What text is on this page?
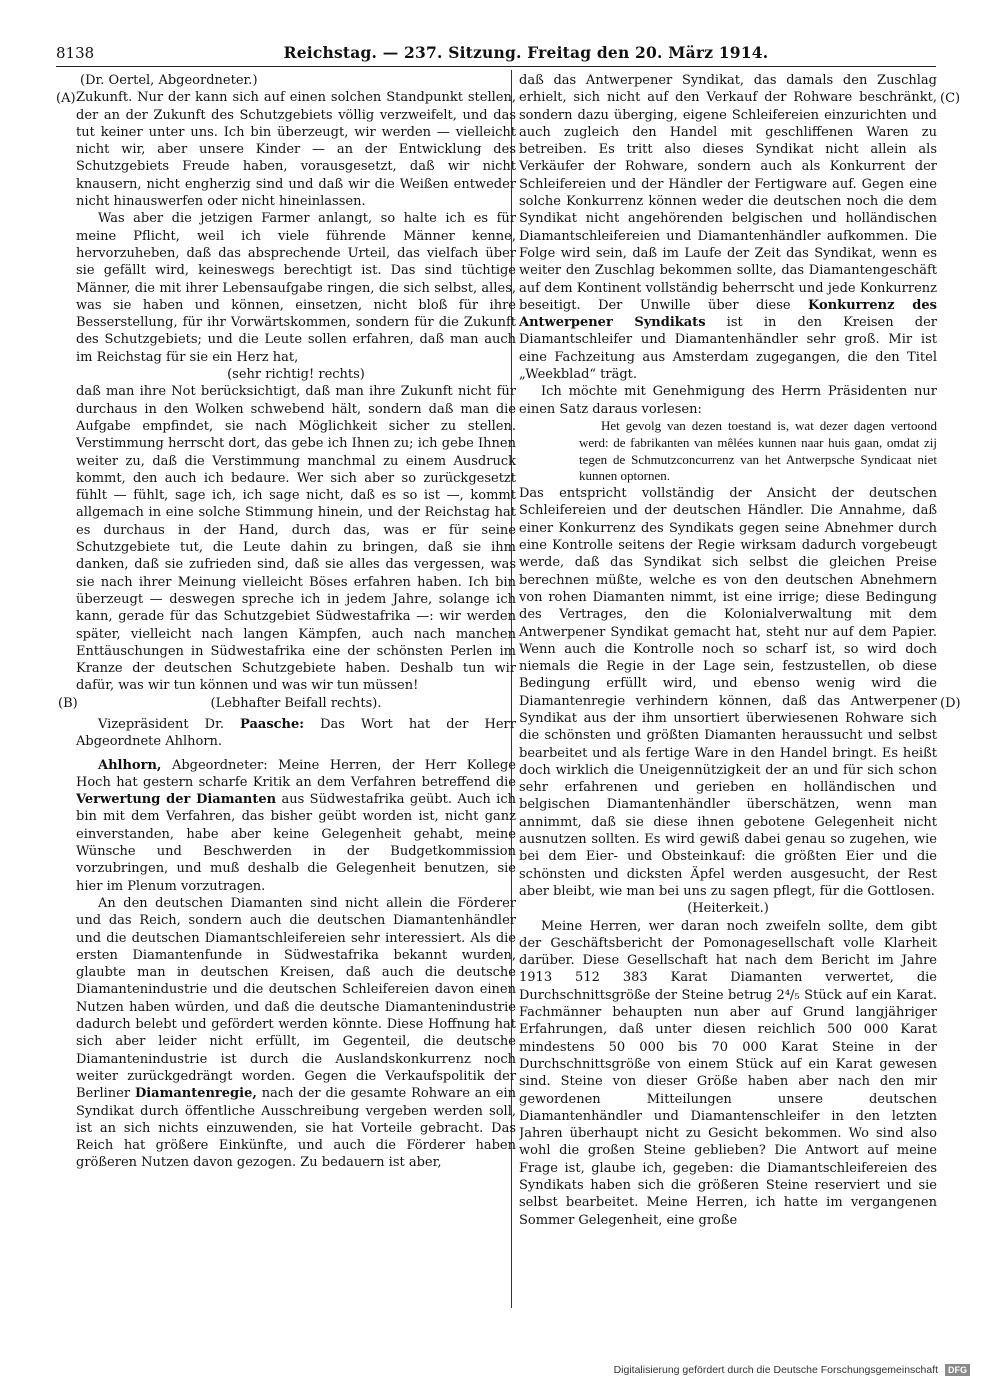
8138	Reichstag. — 237. Sitzung. Freitag den 20. März 1914.
(A)
(B)
(C)
(D)

(Dr. Oertel, Abgeordneter.)

Zukunft. Nur der kann sich auf einen solchen Standpunkt stellen, der an der Zukunft des Schutzgebiets völlig verzweifelt, und das tut keiner unter uns. Ich bin überzeugt, wir werden — vielleicht nicht wir, aber unsere Kinder — an der Entwicklung des Schutzgebiets Freude haben, vorausgesetzt, daß wir nicht knausern, nicht engherzig sind und daß wir die Weißen entweder nicht hinauswerfen oder nicht hineinlassen.

Was aber die jetzigen Farmer anlangt, so halte ich es für meine Pflicht, weil ich viele führende Männer kenne, hervorzuheben, daß das absprechende Urteil, das vielfach über sie gefällt wird, keineswegs berechtigt ist. Das sind tüchtige Männer, die mit ihrer Lebensaufgabe ringen, die sich selbst, alles, was sie haben und können, einsetzen, nicht bloß für ihre Besserstellung, für ihr Vorwärtskommen, sondern für die Zukunft des Schutzgebiets; und die Leute sollen erfahren, daß man auch im Reichstag für sie ein Herz hat,

(sehr richtig! rechts)

daß man ihre Not berücksichtigt, daß man ihre Zukunft nicht für durchaus in den Wolken schwebend hält, sondern daß man die Aufgabe empfindet, sie nach Möglichkeit sicher zu stellen. Verstimmung herrscht dort, das gebe ich Ihnen zu; ich gebe Ihnen weiter zu, daß die Verstimmung manchmal zu einem Ausdruck kommt, den auch ich bedaure. Wer sich aber so zurückgesetzt fühlt — fühlt, sage ich, ich sage nicht, daß es so ist —, kommt allgemach in eine solche Stimmung hinein, und der Reichstag hat es durchaus in der Hand, durch das, was er für seine Schutzgebiete tut, die Leute dahin zu bringen, daß sie ihm danken, daß sie zufrieden sind, daß sie alles das vergessen, was sie nach ihrer Meinung vielleicht Böses erfahren haben. Ich bin überzeugt — deswegen spreche ich in jedem Jahre, solange ich kann, gerade für das Schutzgebiet Südwestafrika —: wir werden später, vielleicht nach langen Kämpfen, auch nach manchen Enttäuschungen in Südwestafrika eine der schönsten Perlen im Kranze der deutschen Schutzgebiete haben. Deshalb tun wir dafür, was wir tun können und was wir tun müssen!

(Lebhafter Beifall rechts).

Vizepräsident Dr. Paasche: Das Wort hat der Herr Abgeordnete Ahlhorn.

Ahlhorn, Abgeordneter: Meine Herren, der Herr Kollege Hoch hat gestern scharfe Kritik an dem Verfahren betreffend die Verwertung der Diamanten aus Südwestafrika geübt. Auch ich bin mit dem Verfahren, das bisher geübt worden ist, nicht ganz einverstanden, habe aber keine Gelegenheit gehabt, meine Wünsche und Beschwerden in der Budgetkommission vorzubringen, und muß deshalb die Gelegenheit benutzen, sie hier im Plenum vorzutragen.

An den deutschen Diamanten sind nicht allein die Förderer und das Reich, sondern auch die deutschen Diamantenhändler und die deutschen Diamantschleifereien sehr interessiert. Als die ersten Diamantenfunde in Südwestafrika bekannt wurden, glaubte man in deutschen Kreisen, daß auch die deutsche Diamantenindustrie und die deutschen Schleifereien davon einen Nutzen haben würden, und daß die deutsche Diamantenindustrie dadurch belebt und gefördert werden könnte. Diese Hoffnung hat sich aber leider nicht erfüllt, im Gegenteil, die deutsche Diamantenindustrie ist durch die Auslandskonkurrenz noch weiter zurückgedrängt worden. Gegen die Verkaufspolitik der Berliner Diamantenregie, nach der die gesamte Rohware an ein Syndikat durch öffentliche Ausschreibung vergeben werden soll, ist an sich nichts einzuwenden, sie hat Vorteile gebracht. Das Reich hat größere Einkünfte, und auch die Förderer haben größeren Nutzen davon gezogen. Zu bedauern ist aber,

daß das Antwerpener Syndikat, das damals den Zuschlag erhielt, sich nicht auf den Verkauf der Rohware beschränkt, sondern dazu überging, eigene Schleifereien einzurichten und auch zugleich den Handel mit geschliffenen Waren zu betreiben. Es tritt also dieses Syndikat nicht allein als Verkäufer der Rohware, sondern auch als Konkurrent der Schleifereien und der Händler der Fertigware auf. Gegen eine solche Konkurrenz können weder die deutschen noch die dem Syndikat nicht angehörenden belgischen und holländischen Diamantschleifereien und Diamantenhändler aufkommen. Die Folge wird sein, daß im Laufe der Zeit das Syndikat, wenn es weiter den Zuschlag bekommen sollte, das Diamantengeschäft auf dem Kontinent vollständig beherrscht und jede Konkurrenz beseitigt. Der Unwille über diese Konkurrenz des Antwerpener Syndikats ist in den Kreisen der Diamantschleifer und Diamantenhändler sehr groß. Mir ist eine Fachzeitung aus Amsterdam zugegangen, die den Titel „Weekblad“ trägt.

Ich möchte mit Genehmigung des Herrn Präsidenten nur einen Satz daraus vorlesen:

Het gevolg van dezen toestand is, wat dezer dagen vertoond werd: de fabrikanten van mêlées kunnen naar huis gaan, omdat zij tegen de Schmutzconcurrenz van het Antwerpsche Syndicaat niet kunnen optornen.

Das entspricht vollständig der Ansicht der deutschen Schleifereien und der deutschen Händler. Die Annahme, daß einer Konkurrenz des Syndikats gegen seine Abnehmer durch eine Kontrolle seitens der Regie wirksam dadurch vorgebeugt werde, daß das Syndikat sich selbst die gleichen Preise berechnen müßte, welche es von den deutschen Abnehmern von rohen Diamanten nimmt, ist eine irrige; diese Bedingung des Vertrages, den die Kolonialverwaltung mit dem Antwerpener Syndikat gemacht hat, steht nur auf dem Papier. Wenn auch die Kontrolle noch so scharf ist, so wird doch niemals die Regie in der Lage sein, festzustellen, ob diese Bedingung erfüllt wird, und ebenso wenig wird die Diamantenregie verhindern können, daß das Antwerpener Syndikat aus der ihm unsortiert überwiesenen Rohware sich die schönsten und größten Diamanten heraussucht und selbst bearbeitet und als fertige Ware in den Handel bringt. Es heißt doch wirklich die Uneigennützigkeit der an und für sich schon sehr erfahrenen und gerieben en holländischen und belgischen Diamantenhändler überschätzen, wenn man annimmt, daß sie diese ihnen gebotene Gelegenheit nicht ausnutzen sollten. Es wird gewiß dabei genau so zugehen, wie bei dem Eier- und Obsteinkauf: die größten Eier und die schönsten und dicksten Äpfel werden ausgesucht, der Rest aber bleibt, wie man bei uns zu sagen pflegt, für die Gottlosen.

(Heiterkeit.)

Meine Herren, wer daran noch zweifeln sollte, dem gibt der Geschäftsbericht der Pomonagesellschaft volle Klarheit darüber. Diese Gesellschaft hat nach dem Bericht im Jahre 1913 512 383 Karat Diamanten verwertet, die Durchschnittsgröße der Steine betrug 2⁴/₅ Stück auf ein Karat. Fachmänner behaupten nun aber auf Grund langjähriger Erfahrungen, daß unter diesen reichlich 500 000 Karat mindestens 50 000 bis 70 000 Karat Steine in der Durchschnittsgröße von einem Stück auf ein Karat gewesen sind. Steine von dieser Größe haben aber nach den mir gewordenen Mitteilungen unsere deutschen Diamantenhändler und Diamantenschleifer in den letzten Jahren überhaupt nicht zu Gesicht bekommen. Wo sind also wohl die großen Steine geblieben? Die Antwort auf meine Frage ist, glaube ich, gegeben: die Diamantschleifereien des Syndikats haben sich die größeren Steine reserviert und sie selbst bearbeitet. Meine Herren, ich hatte im vergangenen Sommer Gelegenheit, eine große

Digitalisierung gefördert durch die Deutsche Forschungsgemeinschaft DFG
